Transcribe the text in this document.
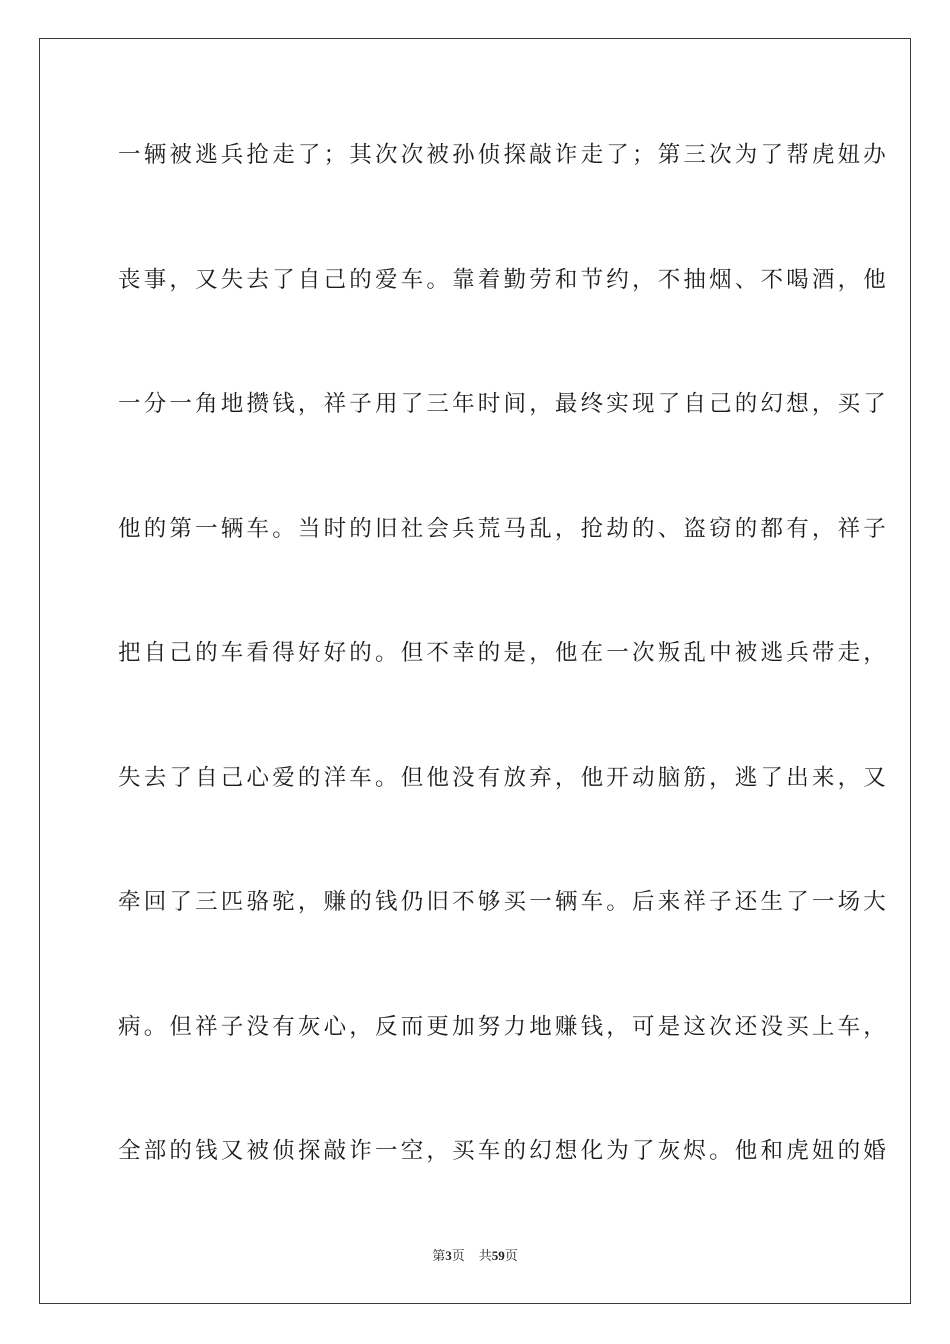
一辆被逃兵抢走了；其次次被孙侦探敲诈走了；第三次为了帮虎妞办
丧事，又失去了自己的爱车。靠着勤劳和节约，不抽烟、不喝酒，他
一分一角地攒钱，祥子用了三年时间，最终实现了自己的幻想，买了
他的第一辆车。当时的旧社会兵荒马乱，抢劫的、盗窃的都有，祥子
把自己的车看得好好的。但不幸的是，他在一次叛乱中被逃兵带走，
失去了自己心爱的洋车。但他没有放弃，他开动脑筋，逃了出来，又
牵回了三匹骆驼，赚的钱仍旧不够买一辆车。后来祥子还生了一场大
病。但祥子没有灰心，反而更加努力地赚钱，可是这次还没买上车，
全部的钱又被侦探敲诈一空，买车的幻想化为了灰烬。他和虎妞的婚
第3页 共59页
